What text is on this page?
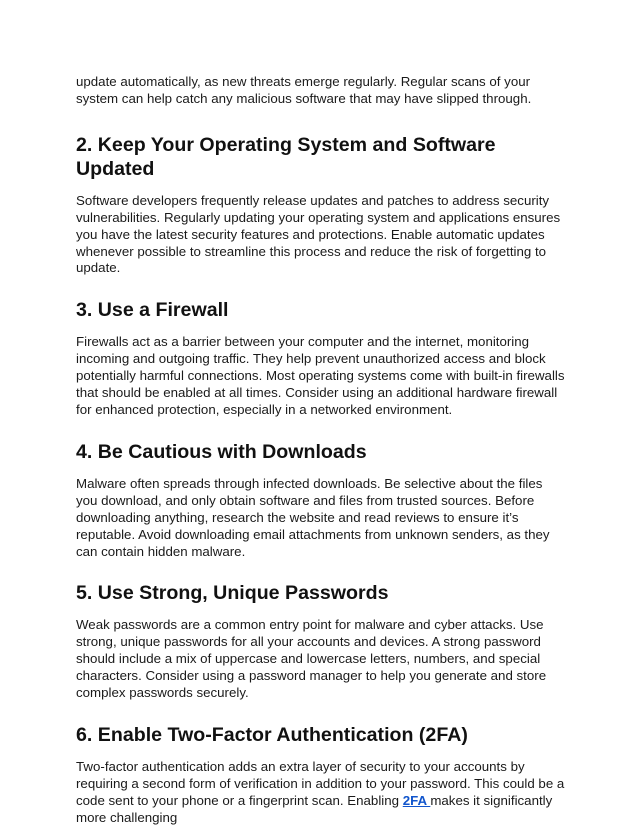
update automatically, as new threats emerge regularly. Regular scans of your system can help catch any malicious software that may have slipped through.

2. Keep Your Operating System and Software Updated

Software developers frequently release updates and patches to address security vulnerabilities. Regularly updating your operating system and applications ensures you have the latest security features and protections. Enable automatic updates whenever possible to streamline this process and reduce the risk of forgetting to update.

3. Use a Firewall

Firewalls act as a barrier between your computer and the internet, monitoring incoming and outgoing traffic. They help prevent unauthorized access and block potentially harmful connections. Most operating systems come with built-in firewalls that should be enabled at all times. Consider using an additional hardware firewall for enhanced protection, especially in a networked environment.

4. Be Cautious with Downloads

Malware often spreads through infected downloads. Be selective about the files you download, and only obtain software and files from trusted sources. Before downloading anything, research the website and read reviews to ensure it’s reputable. Avoid downloading email attachments from unknown senders, as they can contain hidden malware.

5. Use Strong, Unique Passwords

Weak passwords are a common entry point for malware and cyber attacks. Use strong, unique passwords for all your accounts and devices. A strong password should include a mix of uppercase and lowercase letters, numbers, and special characters. Consider using a password manager to help you generate and store complex passwords securely.

6. Enable Two-Factor Authentication (2FA)

Two-factor authentication adds an extra layer of security to your accounts by requiring a second form of verification in addition to your password. This could be a code sent to your phone or a fingerprint scan. Enabling 2FA makes it significantly more challenging
